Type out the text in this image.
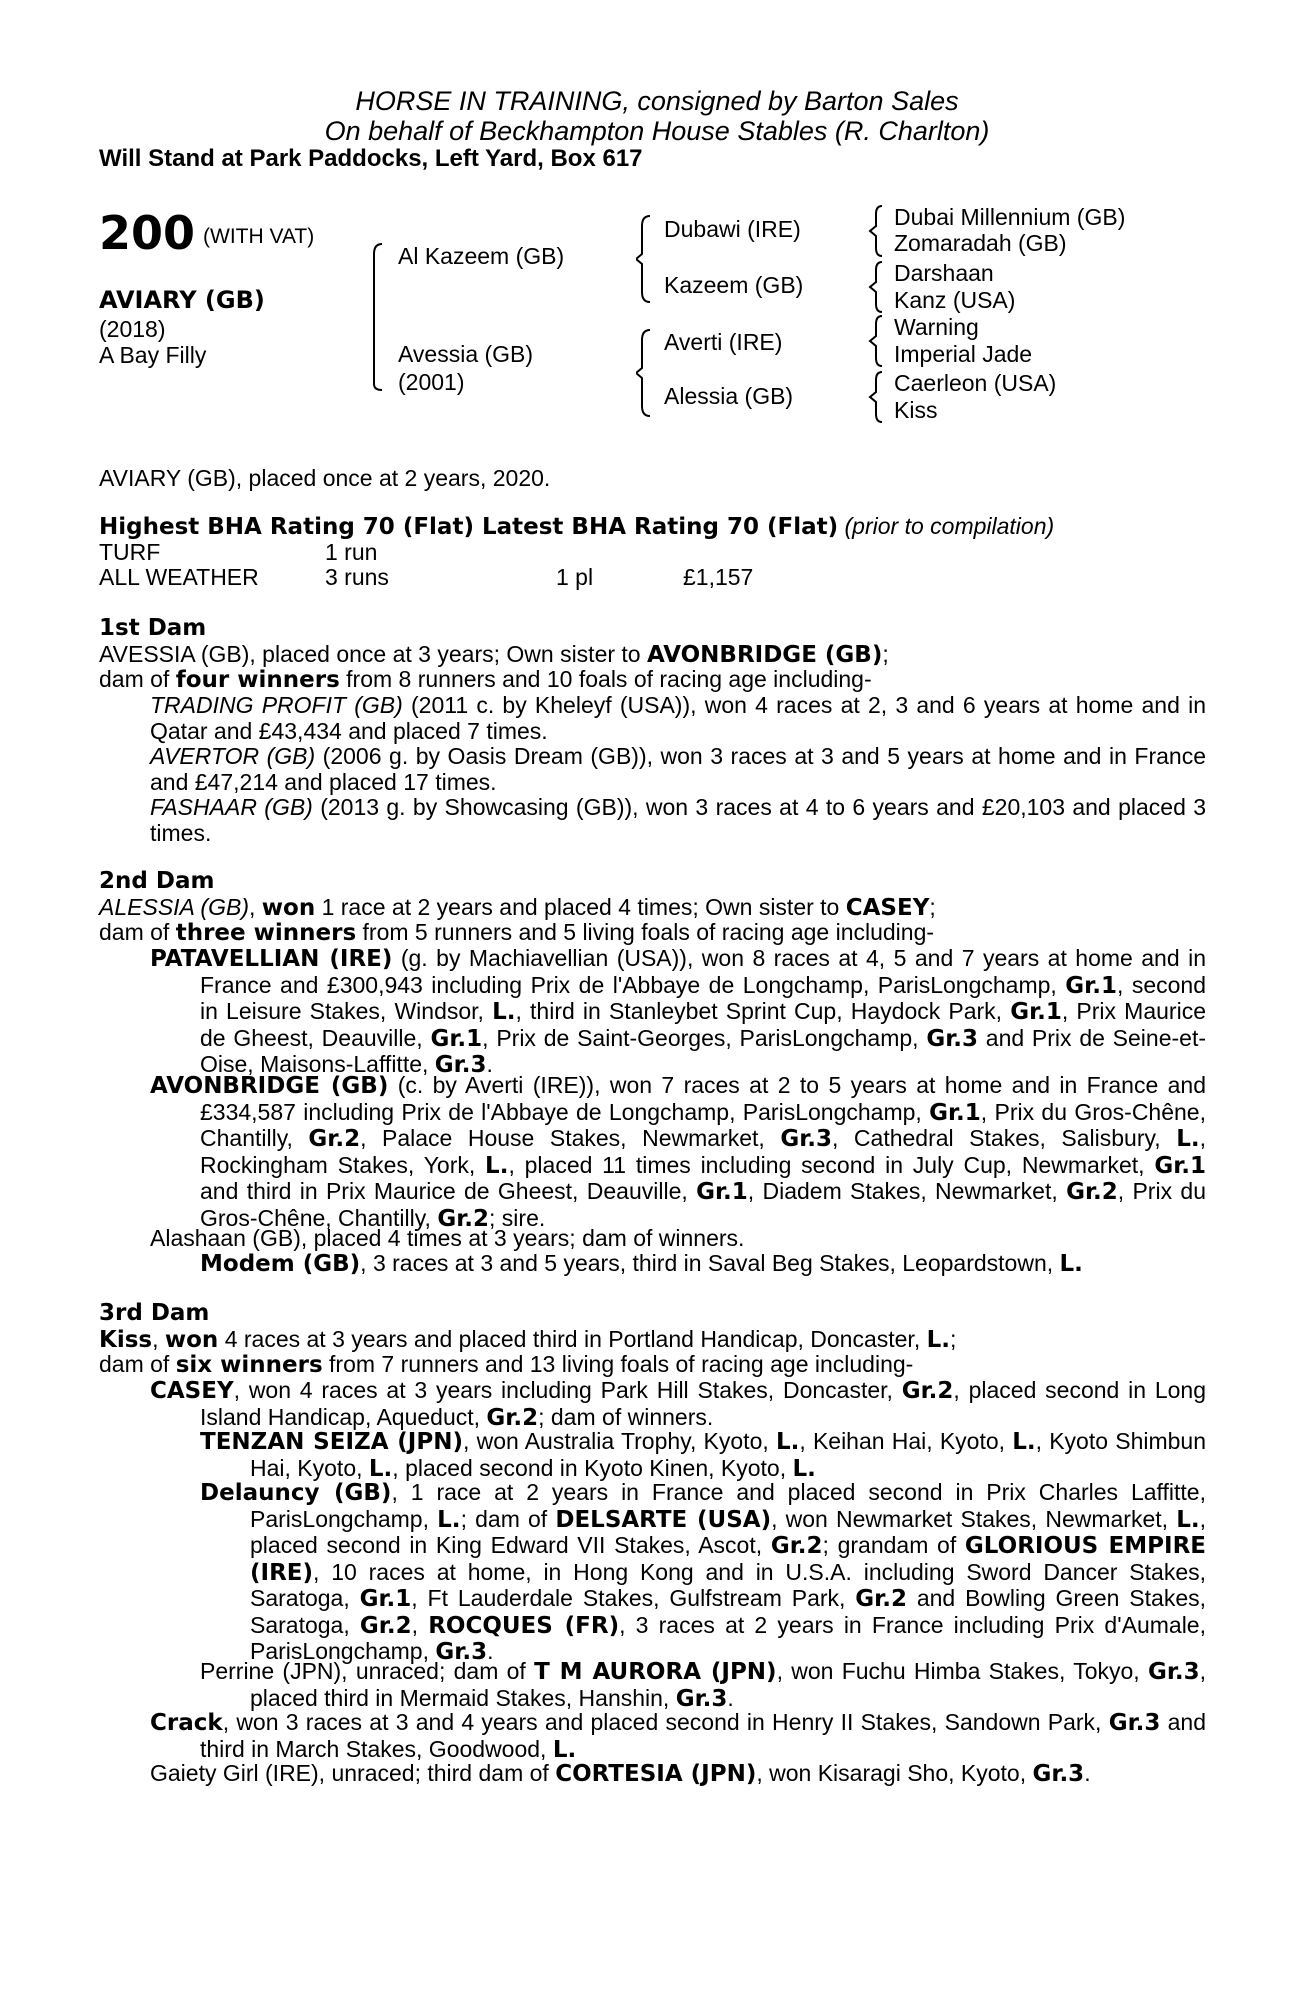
HORSE IN TRAINING, consigned by Barton Sales
On behalf of Beckhampton House Stables (R. Charlton)
Will Stand at Park Paddocks, Left Yard, Box 617
200 (WITH VAT)
AVIARY (GB)
(2018)
A Bay Filly
Al Kazeem (GB)
Avessia (GB)
(2001)
Dubawi (IRE)
Kazeem (GB)
Averti (IRE)
Alessia (GB)
Dubai Millennium (GB)
Zomaradah (GB)
Darshaan
Kanz (USA)
Warning
Imperial Jade
Caerleon (USA)
Kiss
AVIARY (GB), placed once at 2 years, 2020.
Highest BHA Rating 70 (Flat) Latest BHA Rating 70 (Flat) (prior to compilation)
TURF	1 run
ALL WEATHER	3 runs	1 pl	£1,157
1st Dam
AVESSIA (GB), placed once at 3 years; Own sister to AVONBRIDGE (GB);
dam of four winners from 8 runners and 10 foals of racing age including-
TRADING PROFIT (GB) (2011 c. by Kheleyf (USA)), won 4 races at 2, 3 and 6 years at home and in Qatar and £43,434 and placed 7 times.
AVERTOR (GB) (2006 g. by Oasis Dream (GB)), won 3 races at 3 and 5 years at home and in France and £47,214 and placed 17 times.
FASHAAR (GB) (2013 g. by Showcasing (GB)), won 3 races at 4 to 6 years and £20,103 and placed 3 times.
2nd Dam
ALESSIA (GB), won 1 race at 2 years and placed 4 times; Own sister to CASEY;
dam of three winners from 5 runners and 5 living foals of racing age including-
PATAVELLIAN (IRE) (g. by Machiavellian (USA)), won 8 races at 4, 5 and 7 years at home and in France and £300,943 including Prix de l'Abbaye de Longchamp, ParisLongchamp, Gr.1, second in Leisure Stakes, Windsor, L., third in Stanleybet Sprint Cup, Haydock Park, Gr.1, Prix Maurice de Gheest, Deauville, Gr.1, Prix de Saint-Georges, ParisLongchamp, Gr.3 and Prix de Seine-et-Oise, Maisons-Laffitte, Gr.3.
AVONBRIDGE (GB) (c. by Averti (IRE)), won 7 races at 2 to 5 years at home and in France and £334,587 including Prix de l'Abbaye de Longchamp, ParisLongchamp, Gr.1, Prix du Gros-Chêne, Chantilly, Gr.2, Palace House Stakes, Newmarket, Gr.3, Cathedral Stakes, Salisbury, L., Rockingham Stakes, York, L., placed 11 times including second in July Cup, Newmarket, Gr.1 and third in Prix Maurice de Gheest, Deauville, Gr.1, Diadem Stakes, Newmarket, Gr.2, Prix du Gros-Chêne, Chantilly, Gr.2; sire.
Alashaan (GB), placed 4 times at 3 years; dam of winners.
Modem (GB), 3 races at 3 and 5 years, third in Saval Beg Stakes, Leopardstown, L.
3rd Dam
Kiss, won 4 races at 3 years and placed third in Portland Handicap, Doncaster, L.;
dam of six winners from 7 runners and 13 living foals of racing age including-
CASEY, won 4 races at 3 years including Park Hill Stakes, Doncaster, Gr.2, placed second in Long Island Handicap, Aqueduct, Gr.2; dam of winners.
TENZAN SEIZA (JPN), won Australia Trophy, Kyoto, L., Keihan Hai, Kyoto, L., Kyoto Shimbun Hai, Kyoto, L., placed second in Kyoto Kinen, Kyoto, L.
Delauncy (GB), 1 race at 2 years in France and placed second in Prix Charles Laffitte, ParisLongchamp, L.; dam of DELSARTE (USA), won Newmarket Stakes, Newmarket, L., placed second in King Edward VII Stakes, Ascot, Gr.2; grandam of GLORIOUS EMPIRE (IRE), 10 races at home, in Hong Kong and in U.S.A. including Sword Dancer Stakes, Saratoga, Gr.1, Ft Lauderdale Stakes, Gulfstream Park, Gr.2 and Bowling Green Stakes, Saratoga, Gr.2, ROCQUES (FR), 3 races at 2 years in France including Prix d'Aumale, ParisLongchamp, Gr.3.
Perrine (JPN), unraced; dam of T M AURORA (JPN), won Fuchu Himba Stakes, Tokyo, Gr.3, placed third in Mermaid Stakes, Hanshin, Gr.3.
Crack, won 3 races at 3 and 4 years and placed second in Henry II Stakes, Sandown Park, Gr.3 and third in March Stakes, Goodwood, L.
Gaiety Girl (IRE), unraced; third dam of CORTESIA (JPN), won Kisaragi Sho, Kyoto, Gr.3.
